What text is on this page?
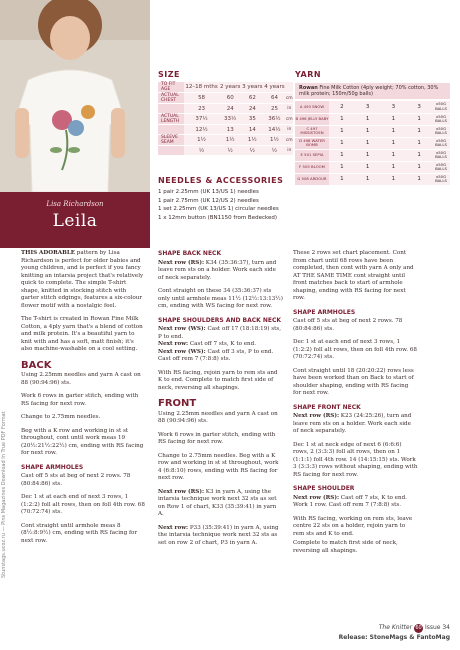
Lisa Richardson
Leila
SIZE
TO FIT AGE	12–18 mths	2 years	3 years	4 years	
ACTUAL CHEST	58	60	62	64	cm
	23	24	24	25	in
ACTUAL LENGTH	37½	33½	35	36½	cm
	12½	13	14	14½	in
SLEEVE SEAM	1½	1½	1½	1½	cm
	½	½	½	½	in
YARN
Rowan Fine Milk Cotton (4ply weight; 70% cotton, 30% milk protein; 150m/50g balls)
A 493 SNOW	2	3	3	3	x50G BALLS
B 496 JELLY BABY	1	1	1	1	x50G BALLS
C 497 MISSISTOEN	1	1	1	1	x50G BALLS
D 498 WATER BOMB	1	1	1	1	x50G BALLS
E 501 SEPIA	1	1	1	1	x50G BALLS
F 505 BLOOM	1	1	1	1	x50G BALLS
G 508 ARDOUR	1	1	1	1	x50G BALLS
NEEDLES & ACCESSORIES
1 pair 2.25mm (UK 13/US 1) needles
1 pair 2.75mm (UK 12/US 2) needles
1 set 2.25mm (UK 13/US 1) circular needles
1 x 12mm button (BN1150 from Bedecked)

THIS ADORABLE pattern by Lisa Richardson is perfect for older babies and young children, and is perfect if you fancy knitting an intarsia project that's relatively quick to complete. The simple T-shirt shape, knitted in stocking stitch with garter stitch edgings, features a six-colour flower motif with a nostalgic feel.

The T-shirt is created in Rowan Fine Milk Cotton, a 4ply yarn that's a blend of cotton and milk protein. It's a beautiful yarn to knit with and has a soft, matt finish; it's also machine-washable on a cool setting.

BACK

Using 2.25mm needles and yarn A cast on 88 (90:94:96) sts.

Work 6 rows in garter stitch, ending with RS facing for next row.

Change to 2.75mm needles.

Beg with a K row and working in st st throughout, cont until work meas 19 (20½:21½:22½) cm, ending with RS facing for next row.

SHAPE ARMHOLES

Cast off 5 sts at beg of next 2 rows. 78 (80:84:86) sts.

Dec 1 st at each end of next 3 rows, 1 (1:2:2) foll alt rows, then on foll 4th row. 68 (70:72:74) sts.

Cont straight until armhole meas 8 (8½:8:9½) cm, ending with RS facing for next row.

SHAPE BACK NECK

Next row (RS): K34 (35:36:37), turn and leave rem sts on a holder. Work each side of neck separately.

Cont straight on these 34 (35:36:37) sts only until armhole meas 11½ (12½:13:13½) cm, ending with WS facing for next row.

SHAPE SHOULDERS AND BACK NECK

Next row (WS): Cast off 17 (18:18:19) sts, P to end.

Next row: Cast off 7 sts, K to end.

Next row (WS): Cast off 3 sts, P to end. Cast off rem 7 (7:8:8) sts.

With RS facing, rejoin yarn to rem sts and K to end. Complete to match first side of neck, reversing all shapings.

FRONT

Using 2.25mm needles and yarn A cast on 88 (90:94:96) sts.

Work 6 rows in garter stitch, ending with RS facing for next row.

Change to 2.75mm needles. Beg with a K row and working in st st throughout, work 4 (6:8:10) rows, ending with RS facing for next row.

Next row (RS): K3 in yarn A, using the intarsia technique work next 32 sts as set on Row 1 of chart, K33 (35:39:41) in yarn A.

Next row: P33 (35:39:41) in yarn A, using the intarsia technique work next 32 sts as set on row 2 of chart, P3 in yarn A.

These 2 rows set chart placement. Cont from chart until 68 rows have been completed, then cont with yarn A only and AT THE SAME TIME cont straight until front matches back to start of armhole shaping, ending with RS facing for next row.

SHAPE ARMHOLES

Cast off 5 sts at beg of next 2 rows. 78 (80:84:86) sts.

Dec 1 st at each end of next 3 rows, 1 (1:2:2) foll alt rows, then on foll 4th row. 68 (70:72:74) sts.

Cont straight until 18 (20:20:22) rows less have been worked than on Back to start of shoulder shaping, ending with RS facing for next row.

SHAPE FRONT NECK

Next row (RS): K23 (24:25:26), turn and leave rem sts on a holder. Work each side of neck separately.

Dec 1 st at neck edge of next 6 (6:6:6) rows, 2 (3:3:3) foll alt rows, then on 1 (1:1:1) foll 4th row. 14 (14:15:15) sts. Work 3 (3:3:3) rows without shaping, ending with RS facing for next row.

SHAPE SHOULDER

Next row (RS): Cast off 7 sts, K to end. Work 1 row. Cast off rem 7 (7:8:8) sts.

With RS facing, working on rem sts, leave centre 22 sts on a holder, rejoin yarn to rem sts and K to end.

Complete to match first side of neck, reversing all shapings.

Stunstags.ucoz.ru — Pins Magazines Download In True PDF Format
The Knitter 60 Issue 34
Release: StoneMags & FantoMag
